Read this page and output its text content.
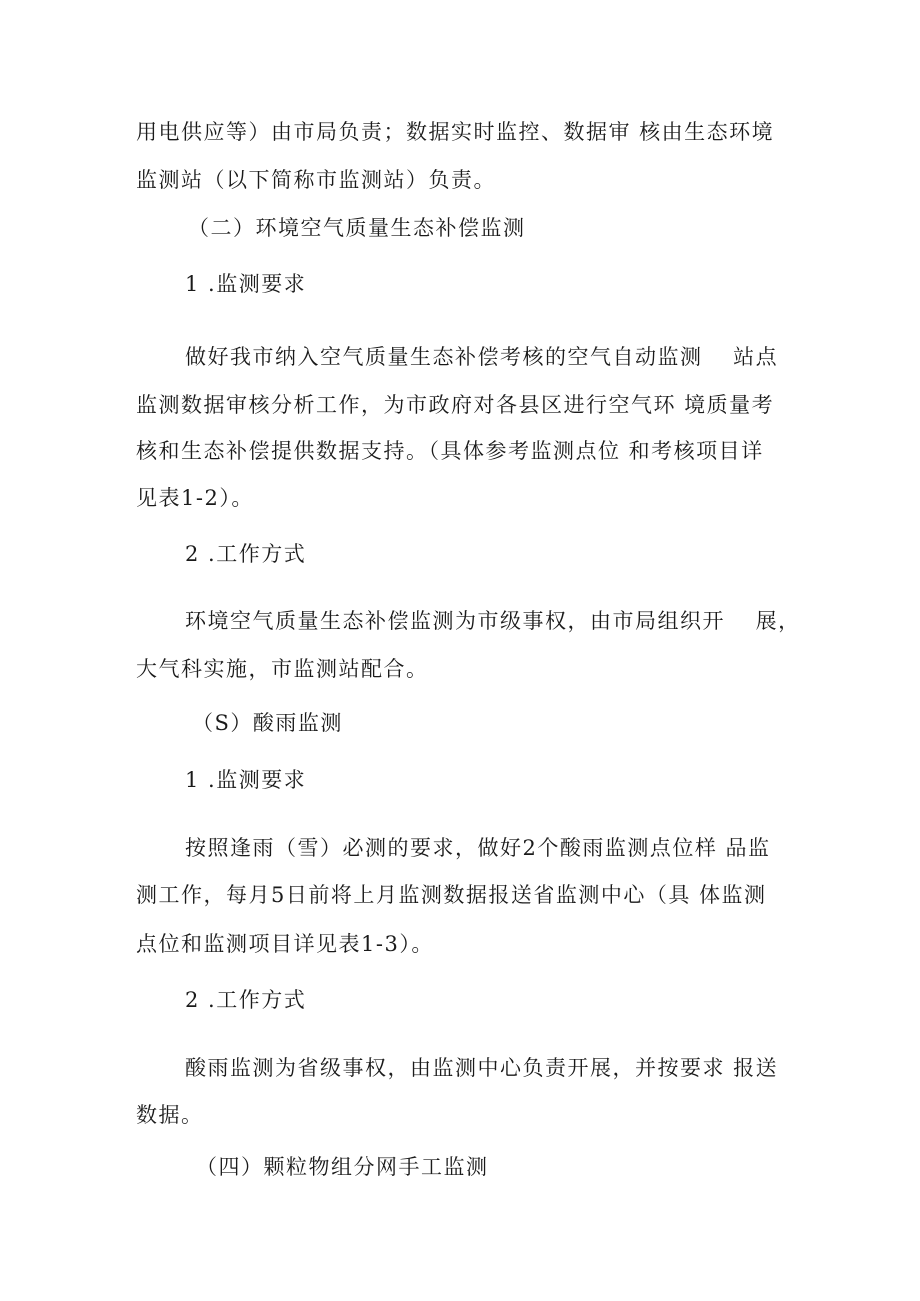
用电供应等）由市局负责；数据实时监控、数据审 核由生态环境
监测站（以下简称市监测站）负责。
（二）环境空气质量生态补偿监测
1 .监测要求
做好我市纳入空气质量生态补偿考核的空气自动监测　 站点
监测数据审核分析工作，为市政府对各县区进行空气环 境质量考
核和生态补偿提供数据支持。（具体参考监测点位 和考核项目详
见表1-2）。
2 .工作方式
环境空气质量生态补偿监测为市级事权，由市局组织开　 展，
大气科实施，市监测站配合。
（S）酸雨监测
1 .监测要求
按照逢雨（雪）必测的要求，做好2个酸雨监测点位样 品监
测工作，每月5日前将上月监测数据报送省监测中心（具 体监测
点位和监测项目详见表1-3）。
2 .工作方式
酸雨监测为省级事权，由监测中心负责开展，并按要求 报送
数据。
（四）颗粒物组分网手工监测
